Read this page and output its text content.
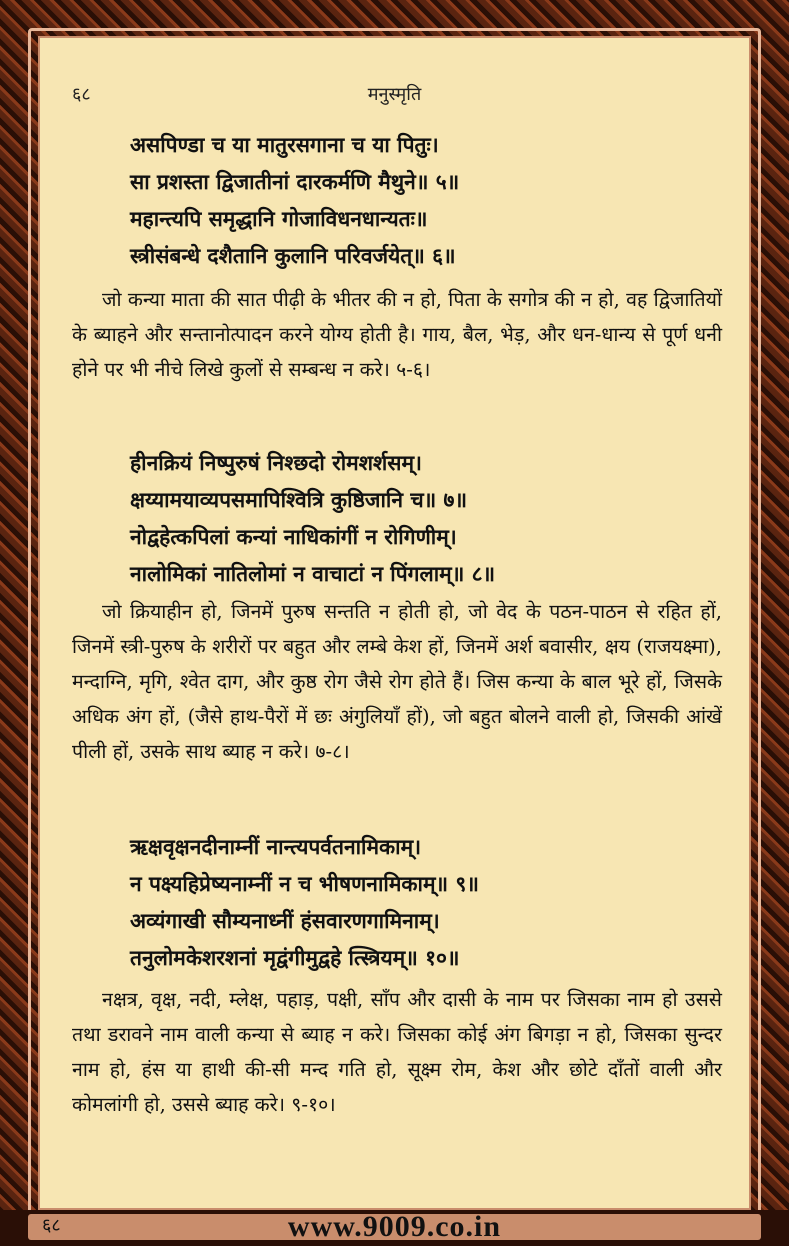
६८	मनुस्मृति
असपिण्डा च या मातुरसगाना च या पितुः।
सा प्रशस्ता द्विजातीनां दारकर्मणि मैथुने॥ ५॥
महान्त्यपि समृद्धानि गोजाविधनधान्यतः॥
स्त्रीसंबन्धे दशैतानि कुलानि परिवर्जयेत्॥ ६॥
जो कन्या माता की सात पीढ़ी के भीतर की न हो, पिता के सगोत्र की न हो, वह द्विजातियों के ब्याहने और सन्तानोत्पादन करने योग्य होती है। गाय, बैल, भेड़, और धन-धान्य से पूर्ण धनी होने पर भी नीचे लिखे कुलों से सम्बन्ध न करे। ५-६।
हीनक्रियं निष्पुरुषं निश्छदो रोमशर्शसम्।
क्षय्यामयाव्यपसमापिश्वित्रि कुष्ठिजानि च॥ ७॥
नोद्वहेत्कपिलां कन्यां नाधिकांगीं न रोगिणीम्।
नालोमिकां नातिलोमां न वाचाटां न पिंगलाम्॥ ८॥
जो क्रियाहीन हो, जिनमें पुरुष सन्तति न होती हो, जो वेद के पठन-पाठन से रहित हों, जिनमें स्त्री-पुरुष के शरीरों पर बहुत और लम्बे केश हों, जिनमें अर्श बवासीर, क्षय (राजयक्ष्मा), मन्दाग्नि, मृगि, श्वेत दाग, और कुष्ठ रोग जैसे रोग होते हैं। जिस कन्या के बाल भूरे हों, जिसके अधिक अंग हों, (जैसे हाथ-पैरों में छः अंगुलियाँ हों), जो बहुत बोलने वाली हो, जिसकी आंखें पीली हों, उसके साथ ब्याह न करे। ७-८।
ऋक्षवृक्षनदीनाम्नीं नान्त्यपर्वतनामिकाम्।
न पक्ष्यहिप्रेष्यनाम्नीं न च भीषणनामिकाम्॥ ९॥
अव्यंगाखी सौम्यनाध्नीं हंसवारणगामिनाम्।
तनुलोमकेशरशनां मृद्वंगीमुद्वहे त्स्त्रियम्॥ १०॥
नक्षत्र, वृक्ष, नदी, म्लेक्ष, पहाड़, पक्षी, साँप और दासी के नाम पर जिसका नाम हो उससे तथा डरावने नाम वाली कन्या से ब्याह न करे। जिसका कोई अंग बिगड़ा न हो, जिसका सुन्दर नाम हो, हंस या हाथी की-सी मन्द गति हो, सूक्ष्म रोम, केश और छोटे दाँतों वाली और कोमलांगी हो, उससे ब्याह करे। ९-१०।
६८	www.9009.co.in
